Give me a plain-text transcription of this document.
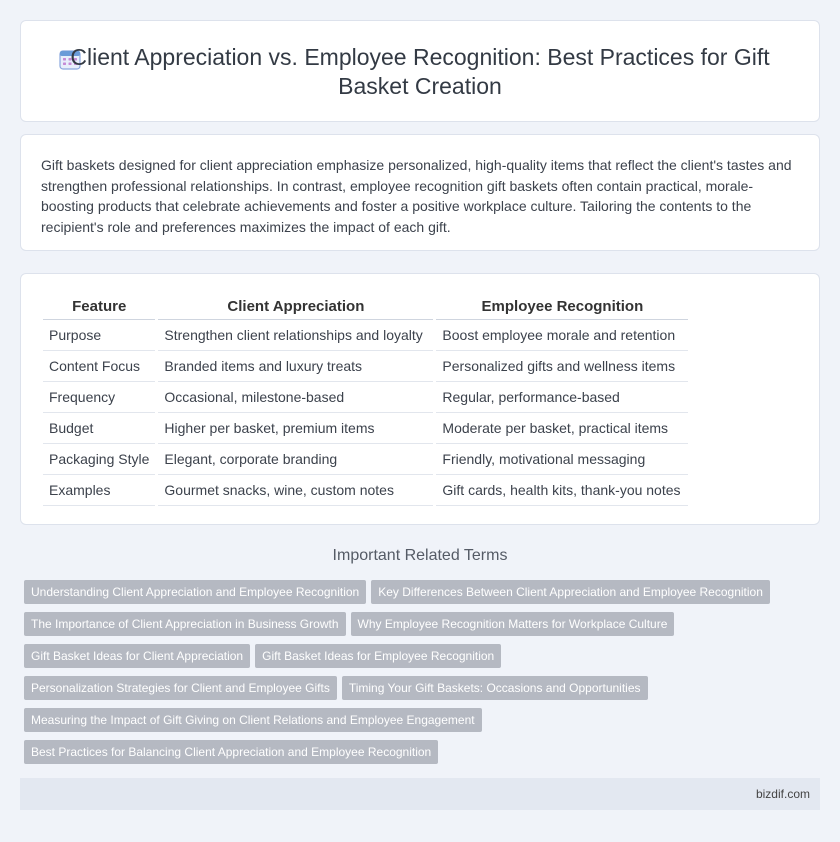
Client Appreciation vs. Employee Recognition: Best Practices for Gift Basket Creation

Gift baskets designed for client appreciation emphasize personalized, high-quality items that reflect the client's tastes and strengthen professional relationships. In contrast, employee recognition gift baskets often contain practical, morale-boosting products that celebrate achievements and foster a positive workplace culture. Tailoring the contents to the recipient's role and preferences maximizes the impact of each gift.

Feature		Client Appreciation		Employee Recognition
Purpose		Strengthen client relationships and loyalty		Boost employee morale and retention
Content Focus		Branded items and luxury treats		Personalized gifts and wellness items
Frequency		Occasional, milestone-based		Regular, performance-based
Budget		Higher per basket, premium items		Moderate per basket, practical items
Packaging Style		Elegant, corporate branding		Friendly, motivational messaging
Examples		Gourmet snacks, wine, custom notes		Gift cards, health kits, thank-you notes
Important Related Terms
Understanding Client Appreciation and Employee Recognition Key Differences Between Client Appreciation and Employee Recognition
The Importance of Client Appreciation in Business Growth Why Employee Recognition Matters for Workplace Culture
Gift Basket Ideas for Client Appreciation Gift Basket Ideas for Employee Recognition
Personalization Strategies for Client and Employee Gifts Timing Your Gift Baskets: Occasions and Opportunities
Measuring the Impact of Gift Giving on Client Relations and Employee Engagement
Best Practices for Balancing Client Appreciation and Employee Recognition
bizdif.com
